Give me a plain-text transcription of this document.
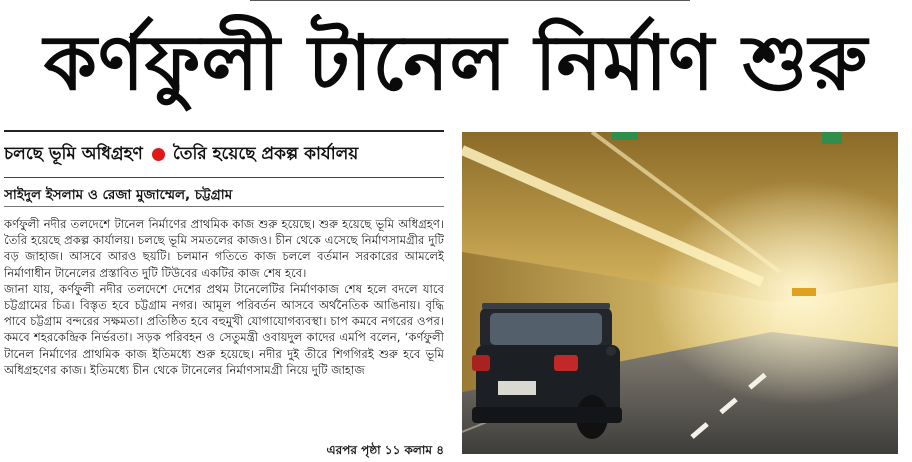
কর্ণফুলী টানেল নির্মাণ শুরু
চলছে ভূমি অধিগ্রহণ তৈরি হয়েছে প্রকল্প কার্যালয়
সাইদুল ইসলাম ও রেজা মুজাম্মেল, চট্টগ্রাম

কর্ণফুলী নদীর তলদেশে টানেল নির্মাণের প্রাথমিক কাজ শুরু হয়েছে। শুরু হয়েছে ভূমি অধিগ্রহণ। তৈরি হয়েছে প্রকল্প কার্যালয়। চলছে ভূমি সমতলের কাজও। চীন থেকে এসেছে নির্মাণসামগ্রীর দুটি বড় জাহাজ। আসবে আরও ছয়টি। চলমান গতিতে কাজ চললে বর্তমান সরকারের আমলেই নির্মাণাধীন টানেলের প্রস্তাবিত দুটি টিউবের একটির কাজ শেষ হবে।

জানা যায়, কর্ণফুলী নদীর তলদেশে দেশের প্রথম টানেলেটির নির্মাণকাজ শেষ হলে বদলে যাবে চট্টগ্রামের চিত্র। বিস্তৃত হবে চট্টগ্রাম নগর। আমূল পরিবর্তন আসবে অর্থনৈতিক আঙিনায়। বৃদ্ধি পাবে চট্টগ্রাম বন্দরের সক্ষমতা। প্রতিষ্ঠিত হবে বহুমুখী যোগাযোগব্যবস্থা। চাপ কমবে নগরের ওপর। কমবে শহরকেন্দ্রিক নির্ভরতা। সড়ক পরিবহন ও সেতুমন্ত্রী ওবায়দুল কাদের এমপি বলেন, ‘কর্ণফুলী টানেল নির্মাণের প্রাথমিক কাজ ইতিমধ্যে শুরু হয়েছে। নদীর দুই তীরে শিগগিরই শুরু হবে ভূমি অধিগ্রহণের কাজ। ইতিমধ্যে চীন থেকে টানেলের নির্মাণসামগ্রী নিয়ে দুটি জাহাজ

এরপর পৃষ্ঠা ১১ কলাম ৪
